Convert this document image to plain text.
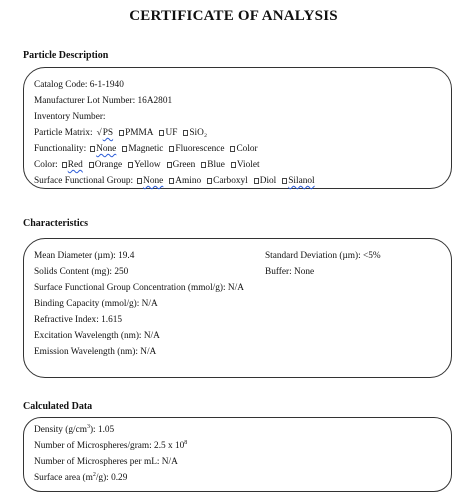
CERTIFICATE OF ANALYSIS
Particle Description
Catalog Code: 6-1-1940
Manufacturer Lot Number: 16A2801
Inventory Number:
Particle Matrix: √PS PMMA UF SiO₂
Functionality:	None Magnetic Fluorescence Color
Color:	Red Orange Yellow Green Blue Violet
Surface Functional Group:	None Amino Carboxyl Diol Silanol
Characteristics
Mean Diameter (µm): 19.4	Standard Deviation (µm): <5%
Solids Content (mg): 250	Buffer: None
Surface Functional Group Concentration (mmol/g): N/A
Binding Capacity (mmol/g): N/A
Refractive Index: 1.615
Excitation Wavelength (nm): N/A
Emission Wavelength (nm): N/A
Calculated Data
Density $(g/cm^3)$: 1.05
Number of Microspheres/gram: 2.5 x $10^8$
Number of Microspheres per mL: N/A
Surface area $(m^2/g)$: 0.29
